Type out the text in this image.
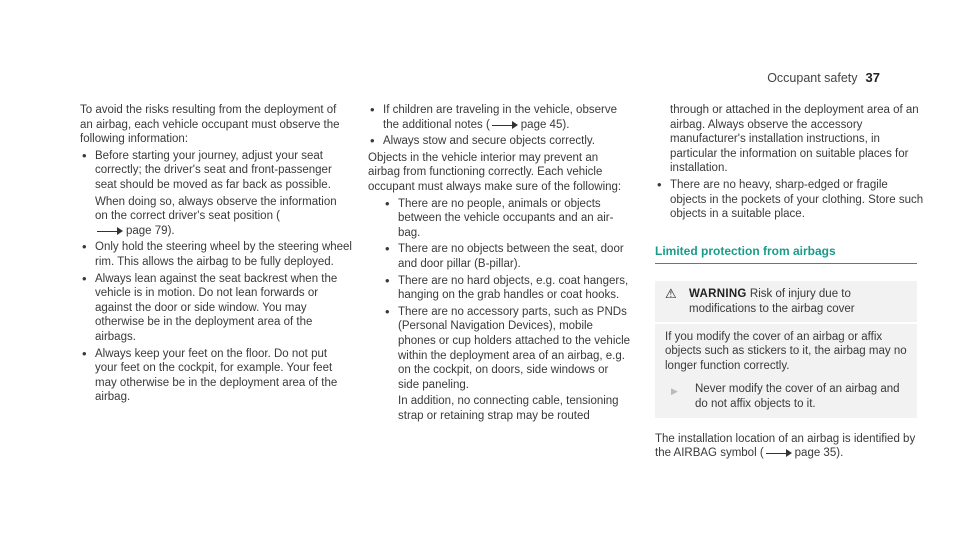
Occupant safety 37

To avoid the risks resulting from the deployment of an airbag, each vehicle occupant must observe the following information:

• Before starting your journey, adjust your seat correctly; the driver's seat and front-passenger seat should be moved as far back as possible.
When doing so, always observe the information on the correct driver's seat position (page 79).
• Only hold the steering wheel by the steering wheel rim. This allows the airbag to be fully deployed.
• Always lean against the seat backrest when the vehicle is in motion. Do not lean forwards or against the door or side window. You may otherwise be in the deployment area of the airbags.
• Always keep your feet on the floor. Do not put your feet on the cockpit, for example. Your feet may otherwise be in the deployment area of the airbag.
• If children are traveling in the vehicle, observe the additional notes (	page 45).
• Always stow and secure objects correctly.

Objects in the vehicle interior may prevent an airbag from functioning correctly. Each vehicle occupant must always make sure of the following:

• There are no people, animals or objects between the vehicle occupants and an air-bag.
• There are no objects between the seat, door and door pillar (B-pillar).
• There are no hard objects, e.g. coat hangers, hanging on the grab handles or coat hooks.
• There are no accessory parts, such as PNDs (Personal Navigation Devices), mobile phones or cup holders attached to the vehicle within the deployment area of an airbag, e.g. on the cockpit, on doors, side windows or side paneling.

In addition, no connecting cable, tensioning strap or retaining strap may be routed

through or attached in the deployment area of an airbag. Always observe the accessory manufacturer's installation instructions, in particular the information on suitable places for installation.

• There are no heavy, sharp-edged or fragile objects in the pockets of your clothing. Store such objects in a suitable place.
Limited protection from airbags
⚠	WARNING Risk of injury due to modifications to the airbag cover

If you modify the cover of an airbag or affix objects such as stickers to it, the airbag may no longer function correctly.

▶	Never modify the cover of an airbag and do not affix objects to it.

The installation location of an airbag is identified by the AIRBAG symbol (	page 35).
